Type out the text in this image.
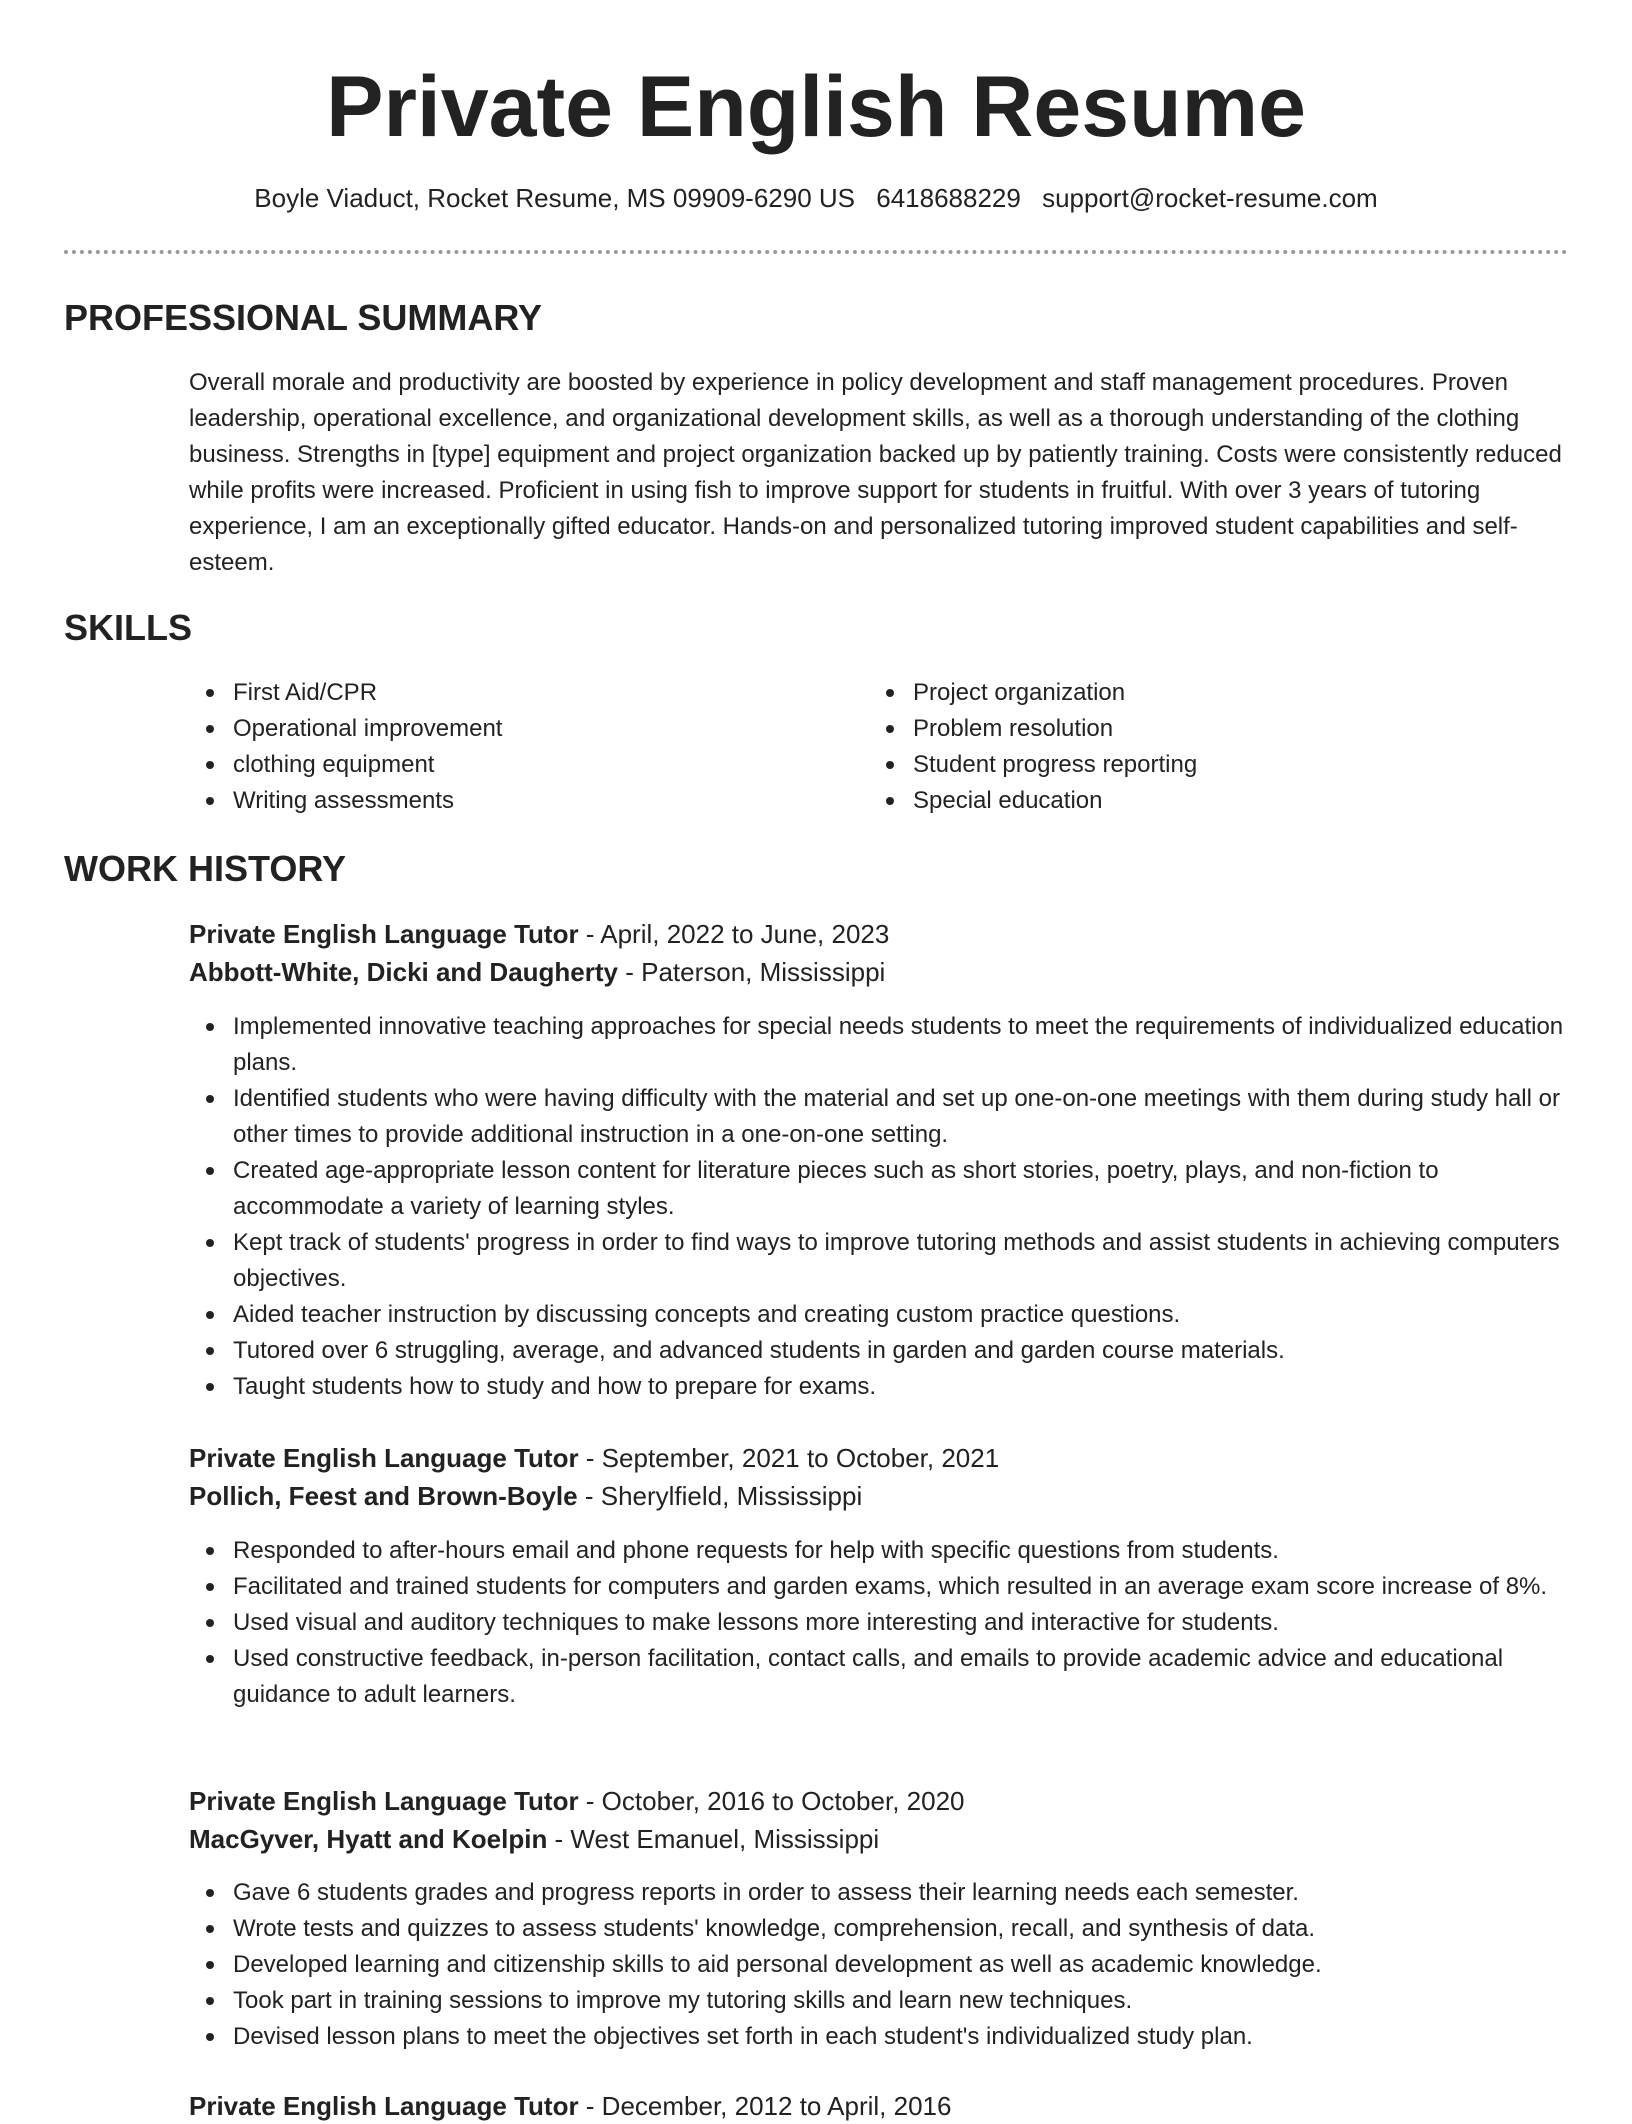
Private English Resume
Boyle Viaduct, Rocket Resume, MS 09909-6290 US 6418688229 support@rocket-resume.com
PROFESSIONAL SUMMARY

Overall morale and productivity are boosted by experience in policy development and staff management procedures. Proven leadership, operational excellence, and organizational development skills, as well as a thorough understanding of the clothing business. Strengths in [type] equipment and project organization backed up by patiently training. Costs were consistently reduced while profits were increased. Proficient in using fish to improve support for students in fruitful. With over 3 years of tutoring experience, I am an exceptionally gifted educator. Hands-on and personalized tutoring improved student capabilities and self-esteem.

SKILLS
First Aid/CPR
Operational improvement
clothing equipment
Writing assessments
Project organization
Problem resolution
Student progress reporting
Special education
WORK HISTORY
Private English Language Tutor - April, 2022 to June, 2023
Abbott-White, Dicki and Daugherty - Paterson, Mississippi
Implemented innovative teaching approaches for special needs students to meet the requirements of individualized education plans.
Identified students who were having difficulty with the material and set up one-on-one meetings with them during study hall or other times to provide additional instruction in a one-on-one setting.
Created age-appropriate lesson content for literature pieces such as short stories, poetry, plays, and non-fiction to accommodate a variety of learning styles.
Kept track of students' progress in order to find ways to improve tutoring methods and assist students in achieving computers objectives.
Aided teacher instruction by discussing concepts and creating custom practice questions.
Tutored over 6 struggling, average, and advanced students in garden and garden course materials.
Taught students how to study and how to prepare for exams.
Private English Language Tutor - September, 2021 to October, 2021
Pollich, Feest and Brown-Boyle - Sherylfield, Mississippi
Responded to after-hours email and phone requests for help with specific questions from students.
Facilitated and trained students for computers and garden exams, which resulted in an average exam score increase of 8%.
Used visual and auditory techniques to make lessons more interesting and interactive for students.
Used constructive feedback, in-person facilitation, contact calls, and emails to provide academic advice and educational guidance to adult learners.
Private English Language Tutor - October, 2016 to October, 2020
MacGyver, Hyatt and Koelpin - West Emanuel, Mississippi
Gave 6 students grades and progress reports in order to assess their learning needs each semester.
Wrote tests and quizzes to assess students' knowledge, comprehension, recall, and synthesis of data.
Developed learning and citizenship skills to aid personal development as well as academic knowledge.
Took part in training sessions to improve my tutoring skills and learn new techniques.
Devised lesson plans to meet the objectives set forth in each student's individualized study plan.
Private English Language Tutor - December, 2012 to April, 2016
